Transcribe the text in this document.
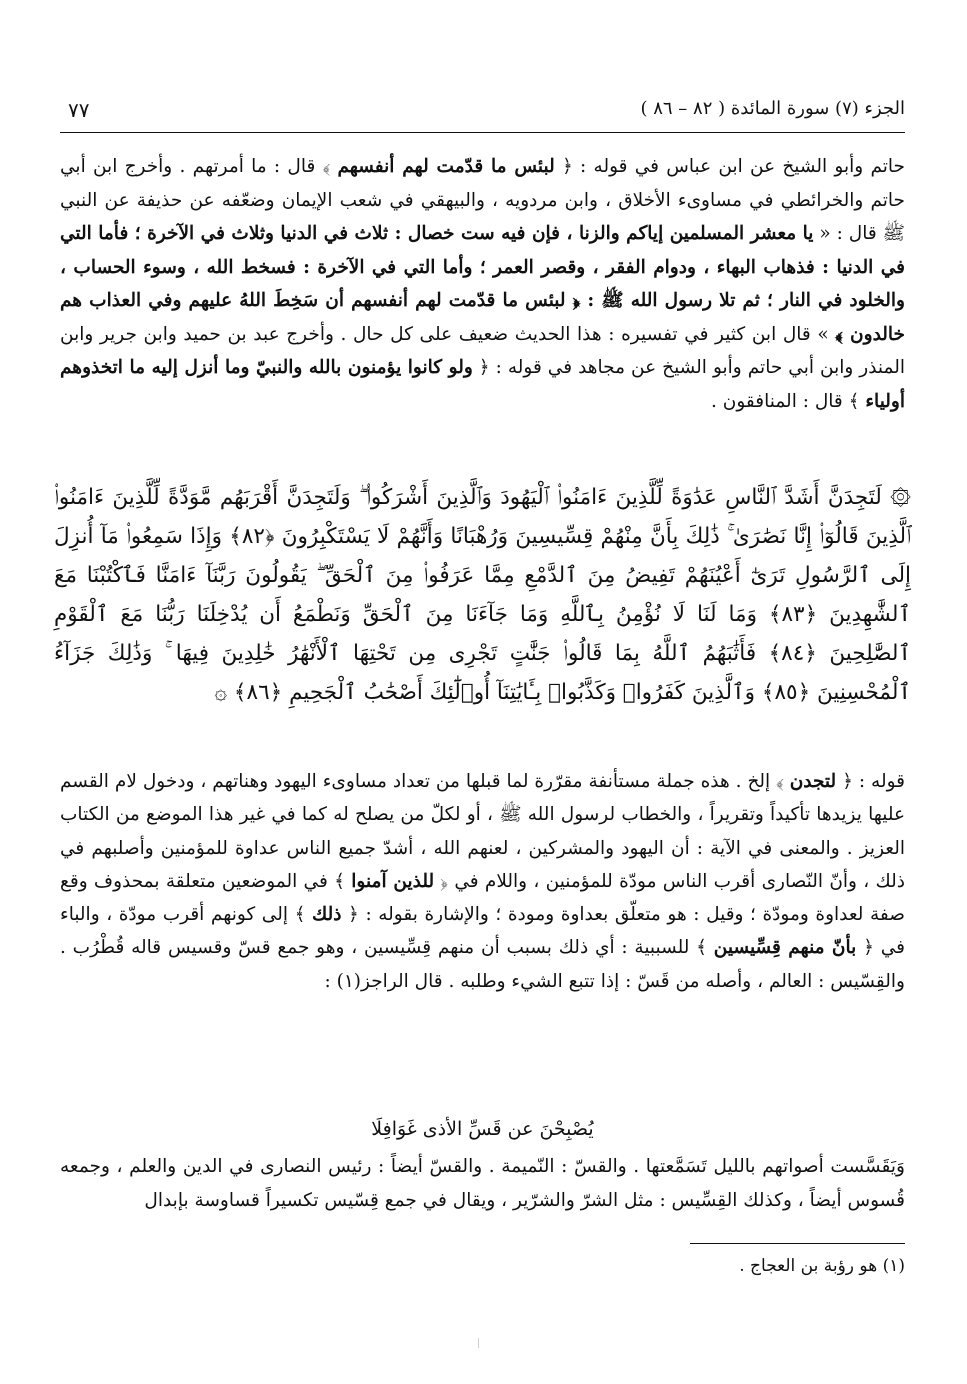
الجزء (٧) سورة المائدة ( ٨٢ – ٨٦ )
٧٧
حاتم وأبو الشيخ عن ابن عباس في قوله : ﴿ لبئس ما قدّمت لهم أنفسهم ﴾ قال : ما أمرتهم . وأخرج ابن أبي حاتم والخرائطي في مساوىء الأخلاق ، وابن مردويه ، والبيهقي في شعب الإيمان وضعّفه عن حذيفة عن النبي ﷺ قال : « يا معشر المسلمين إياكم والزنا ، فإن فيه ست خصال : ثلاث في الدنيا وثلاث في الآخرة ؛ فأما التي في الدنيا : فذهاب البهاء ، ودوام الفقر ، وقصر العمر ؛ وأما التي في الآخرة : فسخط الله ، وسوء الحساب ، والخلود في النار ؛ ثم تلا رسول الله ﷺ : ﴿ لبئس ما قدّمت لهم أنفسهم أن سَخِطَ اللهُ عليهم وفي العذاب هم خالدون ﴾ » قال ابن كثير في تفسيره : هذا الحديث ضعيف على كل حال . وأخرج عبد بن حميد وابن جرير وابن المنذر وابن أبي حاتم وأبو الشيخ عن مجاهد في قوله : ﴿ ولو كانوا يؤمنون بالله والنبيّ وما أنزل إليه ما اتخذوهم أولياء ﴾ قال : المنافقون .
۞ لَتَجِدَنَّ أَشَدَّ ٱلنَّاسِ عَدَٰوَةً لِّلَّذِينَ ءَامَنُوا۟ ٱلْيَهُودَ وَٱلَّذِينَ أَشْرَكُوا۟ ۖ وَلَتَجِدَنَّ أَقْرَبَهُم مَّوَدَّةً لِّلَّذِينَ ءَامَنُوا۟ ٱلَّذِينَ قَالُوٓا۟ إِنَّا نَصَٰرَىٰ ۚ ذَٰلِكَ بِأَنَّ مِنْهُمْ قِسِّيسِينَ وَرُهْبَانًا وَأَنَّهُمْ لَا يَسْتَكْبِرُونَ ﴿٨٢﴾ وَإِذَا سَمِعُوا۟ مَآ أُنزِلَ إِلَى ٱلرَّسُولِ تَرَىٰٓ أَعْيُنَهُمْ تَفِيضُ مِنَ ٱلدَّمْعِ مِمَّا عَرَفُوا۟ مِنَ ٱلْحَقِّ ۖ يَقُولُونَ رَبَّنَآ ءَامَنَّا فَٱكْتُبْنَا مَعَ ٱلشَّٰهِدِينَ ﴿٨٣﴾ وَمَا لَنَا لَا نُؤْمِنُ بِٱللَّهِ وَمَا جَآءَنَا مِنَ ٱلْحَقِّ وَنَطْمَعُ أَن يُدْخِلَنَا رَبُّنَا مَعَ ٱلْقَوْمِ ٱلصَّٰلِحِينَ ﴿٨٤﴾ فَأَثَٰبَهُمُ ٱللَّهُ بِمَا قَالُوا۟ جَنَّٰتٍ تَجْرِى مِن تَحْتِهَا ٱلْأَنْهَٰرُ خَٰلِدِينَ فِيهَا ۚ وَذَٰلِكَ جَزَآءُ ٱلْمُحْسِنِينَ ﴿٨٥﴾ وَٱلَّذِينَ كَفَرُوا۟ وَكَذَّبُوا۟ بِـَٔايَٰتِنَآ أُو۟لَٰٓئِكَ أَصْحَٰبُ ٱلْجَحِيمِ ﴿٨٦﴾ ۞
قوله : ﴿ لتجدن ﴾ إلخ . هذه جملة مستأنفة مقرّرة لما قبلها من تعداد مساوىء اليهود وهناتهم ، ودخول لام القسم عليها يزيدها تأكيداً وتقريراً ، والخطاب لرسول الله ﷺ ، أو لكلّ من يصلح له كما في غير هذا الموضع من الكتاب العزيز . والمعنى في الآية : أن اليهود والمشركين ، لعنهم الله ، أشدّ جميع الناس عداوة للمؤمنين وأصلبهم في ذلك ، وأنّ النّصارى أقرب الناس مودّة للمؤمنين ، واللام في ﴿ للذين آمنوا ﴾ في الموضعين متعلقة بمحذوف وقع صفة لعداوة ومودّة ؛ وقيل : هو متعلّق بعداوة ومودة ؛ والإشارة بقوله : ﴿ ذلك ﴾ إلى كونهم أقرب مودّة ، والباء في ﴿ بأنّ منهم قِسِّيسين ﴾ للسببية : أي ذلك بسبب أن منهم قِسِّيسين ، وهو جمع قسّ وقسيس قاله قُطْرُب . والقِسّيس : العالم ، وأصله من قَسّ : إذا تتبع الشيء وطلبه . قال الراجز(١) :
يُصْبِحْنَ عن قَسِّ الأذى غَوَافِلَا
وَيَقَسَّست أصواتهم بالليل تَسَمَّعتها . والقسّ : النّميمة . والقسّ أيضاً : رئيس النصارى في الدين والعلم ، وجمعه قُسوس أيضاً ، وكذلك القِسِّيس : مثل الشرّ والشرّير ، ويقال في جمع قِسّيس تكسيراً قساوسة بإبدال
(١) هو رؤبة بن العجاج .
